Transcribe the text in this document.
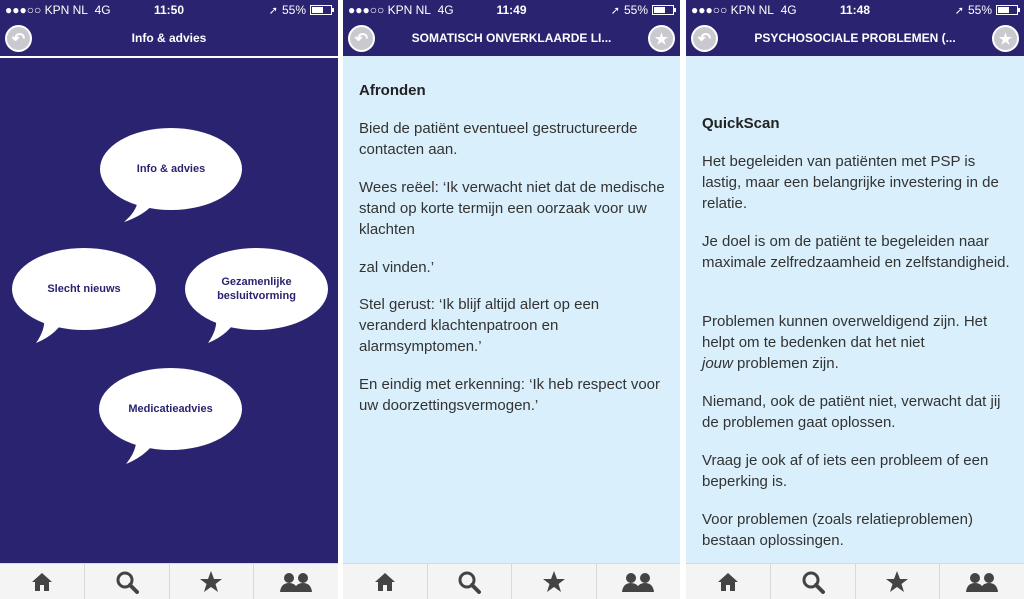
●●●○○ KPN NL 4G	11:50	➚ 55%
↶	Info & advies
Info & advies
Slecht nieuws
Gezamenlijke besluitvorming
Medicatieadvies
●●●○○ KPN NL 4G	11:49	➚ 55%
↶	SOMATISCH ONVERKLAARDE LI...	★
Afronden
Bied de patiënt eventueel gestructureerde contacten aan.
Wees reëel: ‘Ik verwacht niet dat de medische stand op korte termijn een oorzaak voor uw klachten
zal vinden.’
Stel gerust: ‘Ik blijf altijd alert op een veranderd klachtenpatroon en alarmsymptomen.’
En eindig met erkenning: ‘Ik heb respect voor uw doorzettingsvermogen.’
●●●○○ KPN NL 4G	11:48	➚ 55%
↶	PSYCHOSOCIALE PROBLEMEN (...	★
QuickScan
Het begeleiden van patiënten met PSP is lastig, maar een belangrijke investering in de relatie.
Je doel is om de patiënt te begeleiden naar maximale zelfredzaamheid en zelfstandigheid.
Problemen kunnen overweldigend zijn. Het helpt om te bedenken dat het niet
jouw problemen zijn.
Niemand, ook de patiënt niet, verwacht dat jij de problemen gaat oplossen.
Vraag je ook af of iets een probleem of een beperking is.
Voor problemen (zoals relatieproblemen) bestaan oplossingen.
